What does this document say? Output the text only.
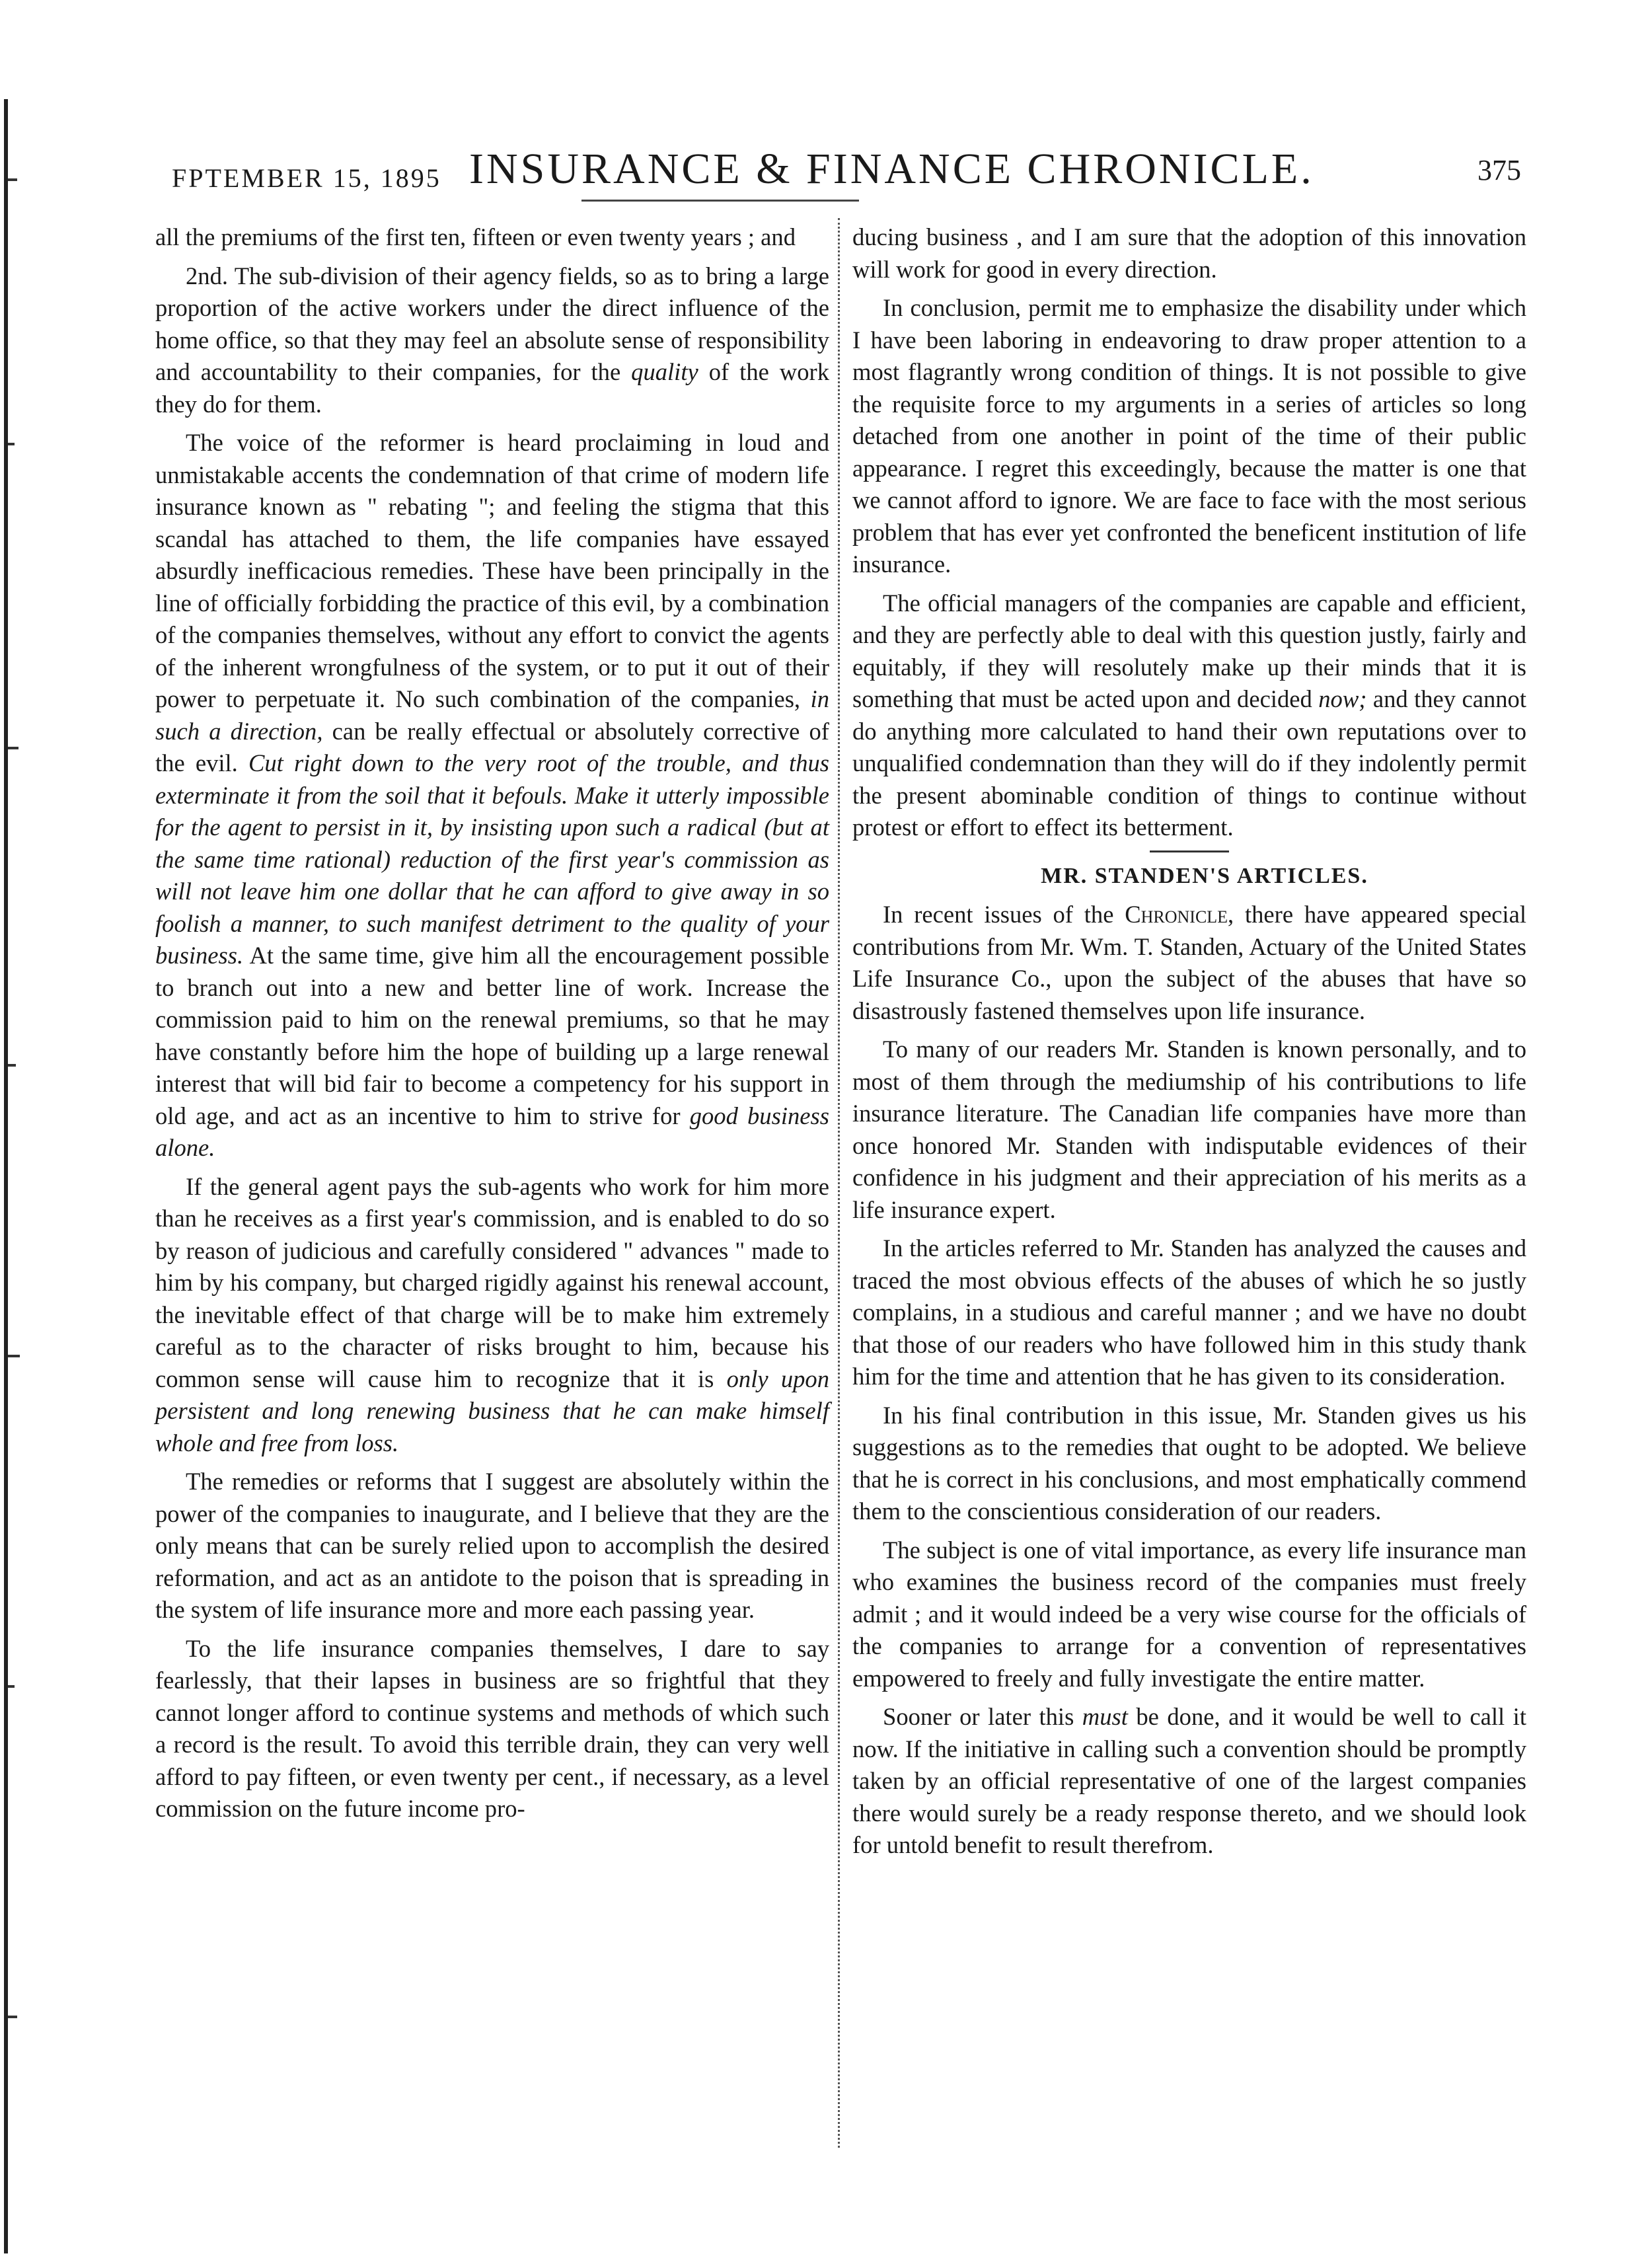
FPTEMBER 15, 1895 INSURANCE & FINANCE CHRONICLE.	375

all the premiums of the first ten, fifteen or even twenty years ; and

2nd. The sub-division of their agency fields, so as to bring a large proportion of the active workers under the direct influence of the home office, so that they may feel an absolute sense of responsibility and accountability to their companies, for the quality of the work they do for them.

The voice of the reformer is heard proclaiming in loud and unmistakable accents the condemnation of that crime of modern life insurance known as " rebating "; and feeling the stigma that this scandal has attached to them, the life companies have essayed absurdly inefficacious remedies. These have been principally in the line of officially forbidding the practice of this evil, by a combination of the companies themselves, without any effort to convict the agents of the inherent wrongfulness of the system, or to put it out of their power to perpetuate it. No such combination of the companies, in such a direction, can be really effectual or absolutely corrective of the evil. Cut right down to the very root of the trouble, and thus exterminate it from the soil that it befouls. Make it utterly impossible for the agent to persist in it, by insisting upon such a radical (but at the same time rational) reduction of the first year's commission as will not leave him one dollar that he can afford to give away in so foolish a manner, to such manifest detriment to the quality of your business. At the same time, give him all the encouragement possible to branch out into a new and better line of work. Increase the commission paid to him on the renewal premiums, so that he may have constantly before him the hope of building up a large renewal interest that will bid fair to become a competency for his support in old age, and act as an incentive to him to strive for good business alone.

If the general agent pays the sub-agents who work for him more than he receives as a first year's commission, and is enabled to do so by reason of judicious and carefully considered " advances " made to him by his company, but charged rigidly against his renewal account, the inevitable effect of that charge will be to make him extremely careful as to the character of risks brought to him, because his common sense will cause him to recognize that it is only upon persistent and long renewing business that he can make himself whole and free from loss.

The remedies or reforms that I suggest are absolutely within the power of the companies to inaugurate, and I believe that they are the only means that can be surely relied upon to accomplish the desired reformation, and act as an antidote to the poison that is spreading in the system of life insurance more and more each passing year.

To the life insurance companies themselves, I dare to say fearlessly, that their lapses in business are so frightful that they cannot longer afford to continue systems and methods of which such a record is the result. To avoid this terrible drain, they can very well afford to pay fifteen, or even twenty per cent., if necessary, as a level commission on the future income pro-

ducing business , and I am sure that the adoption of this innovation will work for good in every direction.

In conclusion, permit me to emphasize the disability under which I have been laboring in endeavoring to draw proper attention to a most flagrantly wrong condition of things. It is not possible to give the requisite force to my arguments in a series of articles so long detached from one another in point of the time of their public appearance. I regret this exceedingly, because the matter is one that we cannot afford to ignore. We are face to face with the most serious problem that has ever yet confronted the beneficent institution of life insurance.

The official managers of the companies are capable and efficient, and they are perfectly able to deal with this question justly, fairly and equitably, if they will resolutely make up their minds that it is something that must be acted upon and decided now; and they cannot do anything more calculated to hand their own reputations over to unqualified condemnation than they will do if they indolently permit the present abominable condition of things to continue without protest or effort to effect its betterment.

MR. STANDEN'S ARTICLES.

In recent issues of the Chronicle, there have appeared special contributions from Mr. Wm. T. Standen, Actuary of the United States Life Insurance Co., upon the subject of the abuses that have so disastrously fastened themselves upon life insurance.

To many of our readers Mr. Standen is known personally, and to most of them through the mediumship of his contributions to life insurance literature. The Canadian life companies have more than once honored Mr. Standen with indisputable evidences of their confidence in his judgment and their appreciation of his merits as a life insurance expert.

In the articles referred to Mr. Standen has analyzed the causes and traced the most obvious effects of the abuses of which he so justly complains, in a studious and careful manner ; and we have no doubt that those of our readers who have followed him in this study thank him for the time and attention that he has given to its consideration.

In his final contribution in this issue, Mr. Standen gives us his suggestions as to the remedies that ought to be adopted. We believe that he is correct in his conclusions, and most emphatically commend them to the conscientious consideration of our readers.

The subject is one of vital importance, as every life insurance man who examines the business record of the companies must freely admit ; and it would indeed be a very wise course for the officials of the companies to arrange for a convention of representatives empowered to freely and fully investigate the entire matter.

Sooner or later this must be done, and it would be well to call it now. If the initiative in calling such a convention should be promptly taken by an official representative of one of the largest companies there would surely be a ready response thereto, and we should look for untold benefit to result therefrom.
